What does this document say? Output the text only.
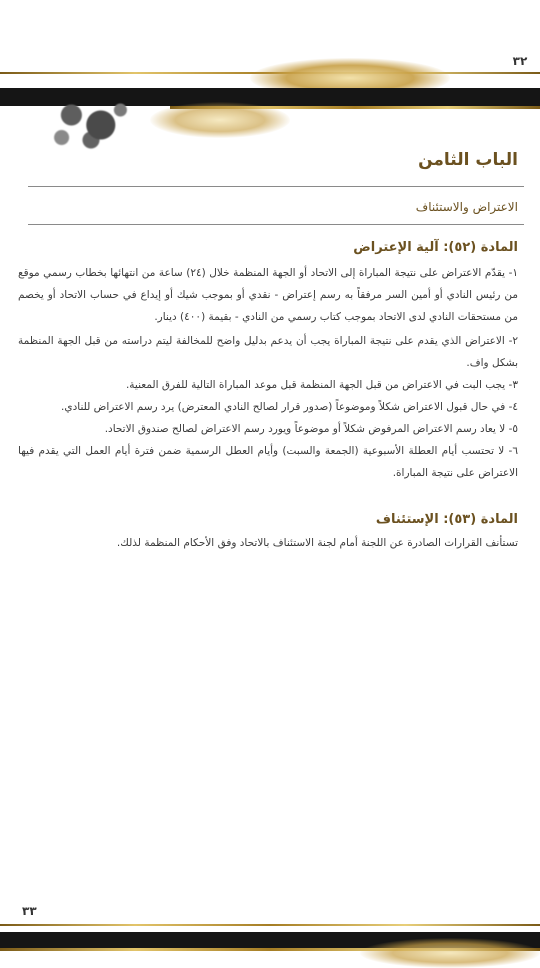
٣٢
الباب الثامن
الاعتراض والاستئناف
المادة (٥٢): آلية الإعتراض
١- يقدّم الاعتراض على نتيجة المباراة إلى الاتحاد أو الجهة المنظمة خلال (٢٤) ساعة من انتهائها بخطاب رسمي موقع من رئيس النادي أو أمين السر مرفقاً به رسم إعتراض - نقدي أو بموجب شيك أو إيداع في حساب الاتحاد أو يخصم من مستحقات النادي لدى الاتحاد بموجب كتاب رسمي من النادي - بقيمة (٤٠٠) دينار.
٢- الاعتراض الذي يقدم على نتيجة المباراة يجب أن يدعم بدليل واضح للمخالفة ليتم دراسته من قبل الجهة المنظمة بشكل واف.
٣- يجب البت في الاعتراض من قبل الجهة المنظمة قبل موعد المباراة التالية للفرق المعنية.
٤- في حال قبول الاعتراض شكلاً وموضوعاً (صدور قرار لصالح النادي المعترض) يرد رسم الاعتراض للنادي.
٥- لا يعاد رسم الاعتراض المرفوض شكلاً أو موضوعاً ويورد رسم الاعتراض لصالح صندوق الاتحاد.
٦- لا تحتسب أيام العطلة الأسبوعية (الجمعة والسبت) وأيام العطل الرسمية ضمن فترة أيام العمل التي يقدم فيها الاعتراض على نتيجة المباراة.
المادة (٥٣): الإستئناف
تستأنف القرارات الصادرة عن اللجنة أمام لجنة الاستئناف بالاتحاد وفق الأحكام المنظمة لذلك.
٣٣
